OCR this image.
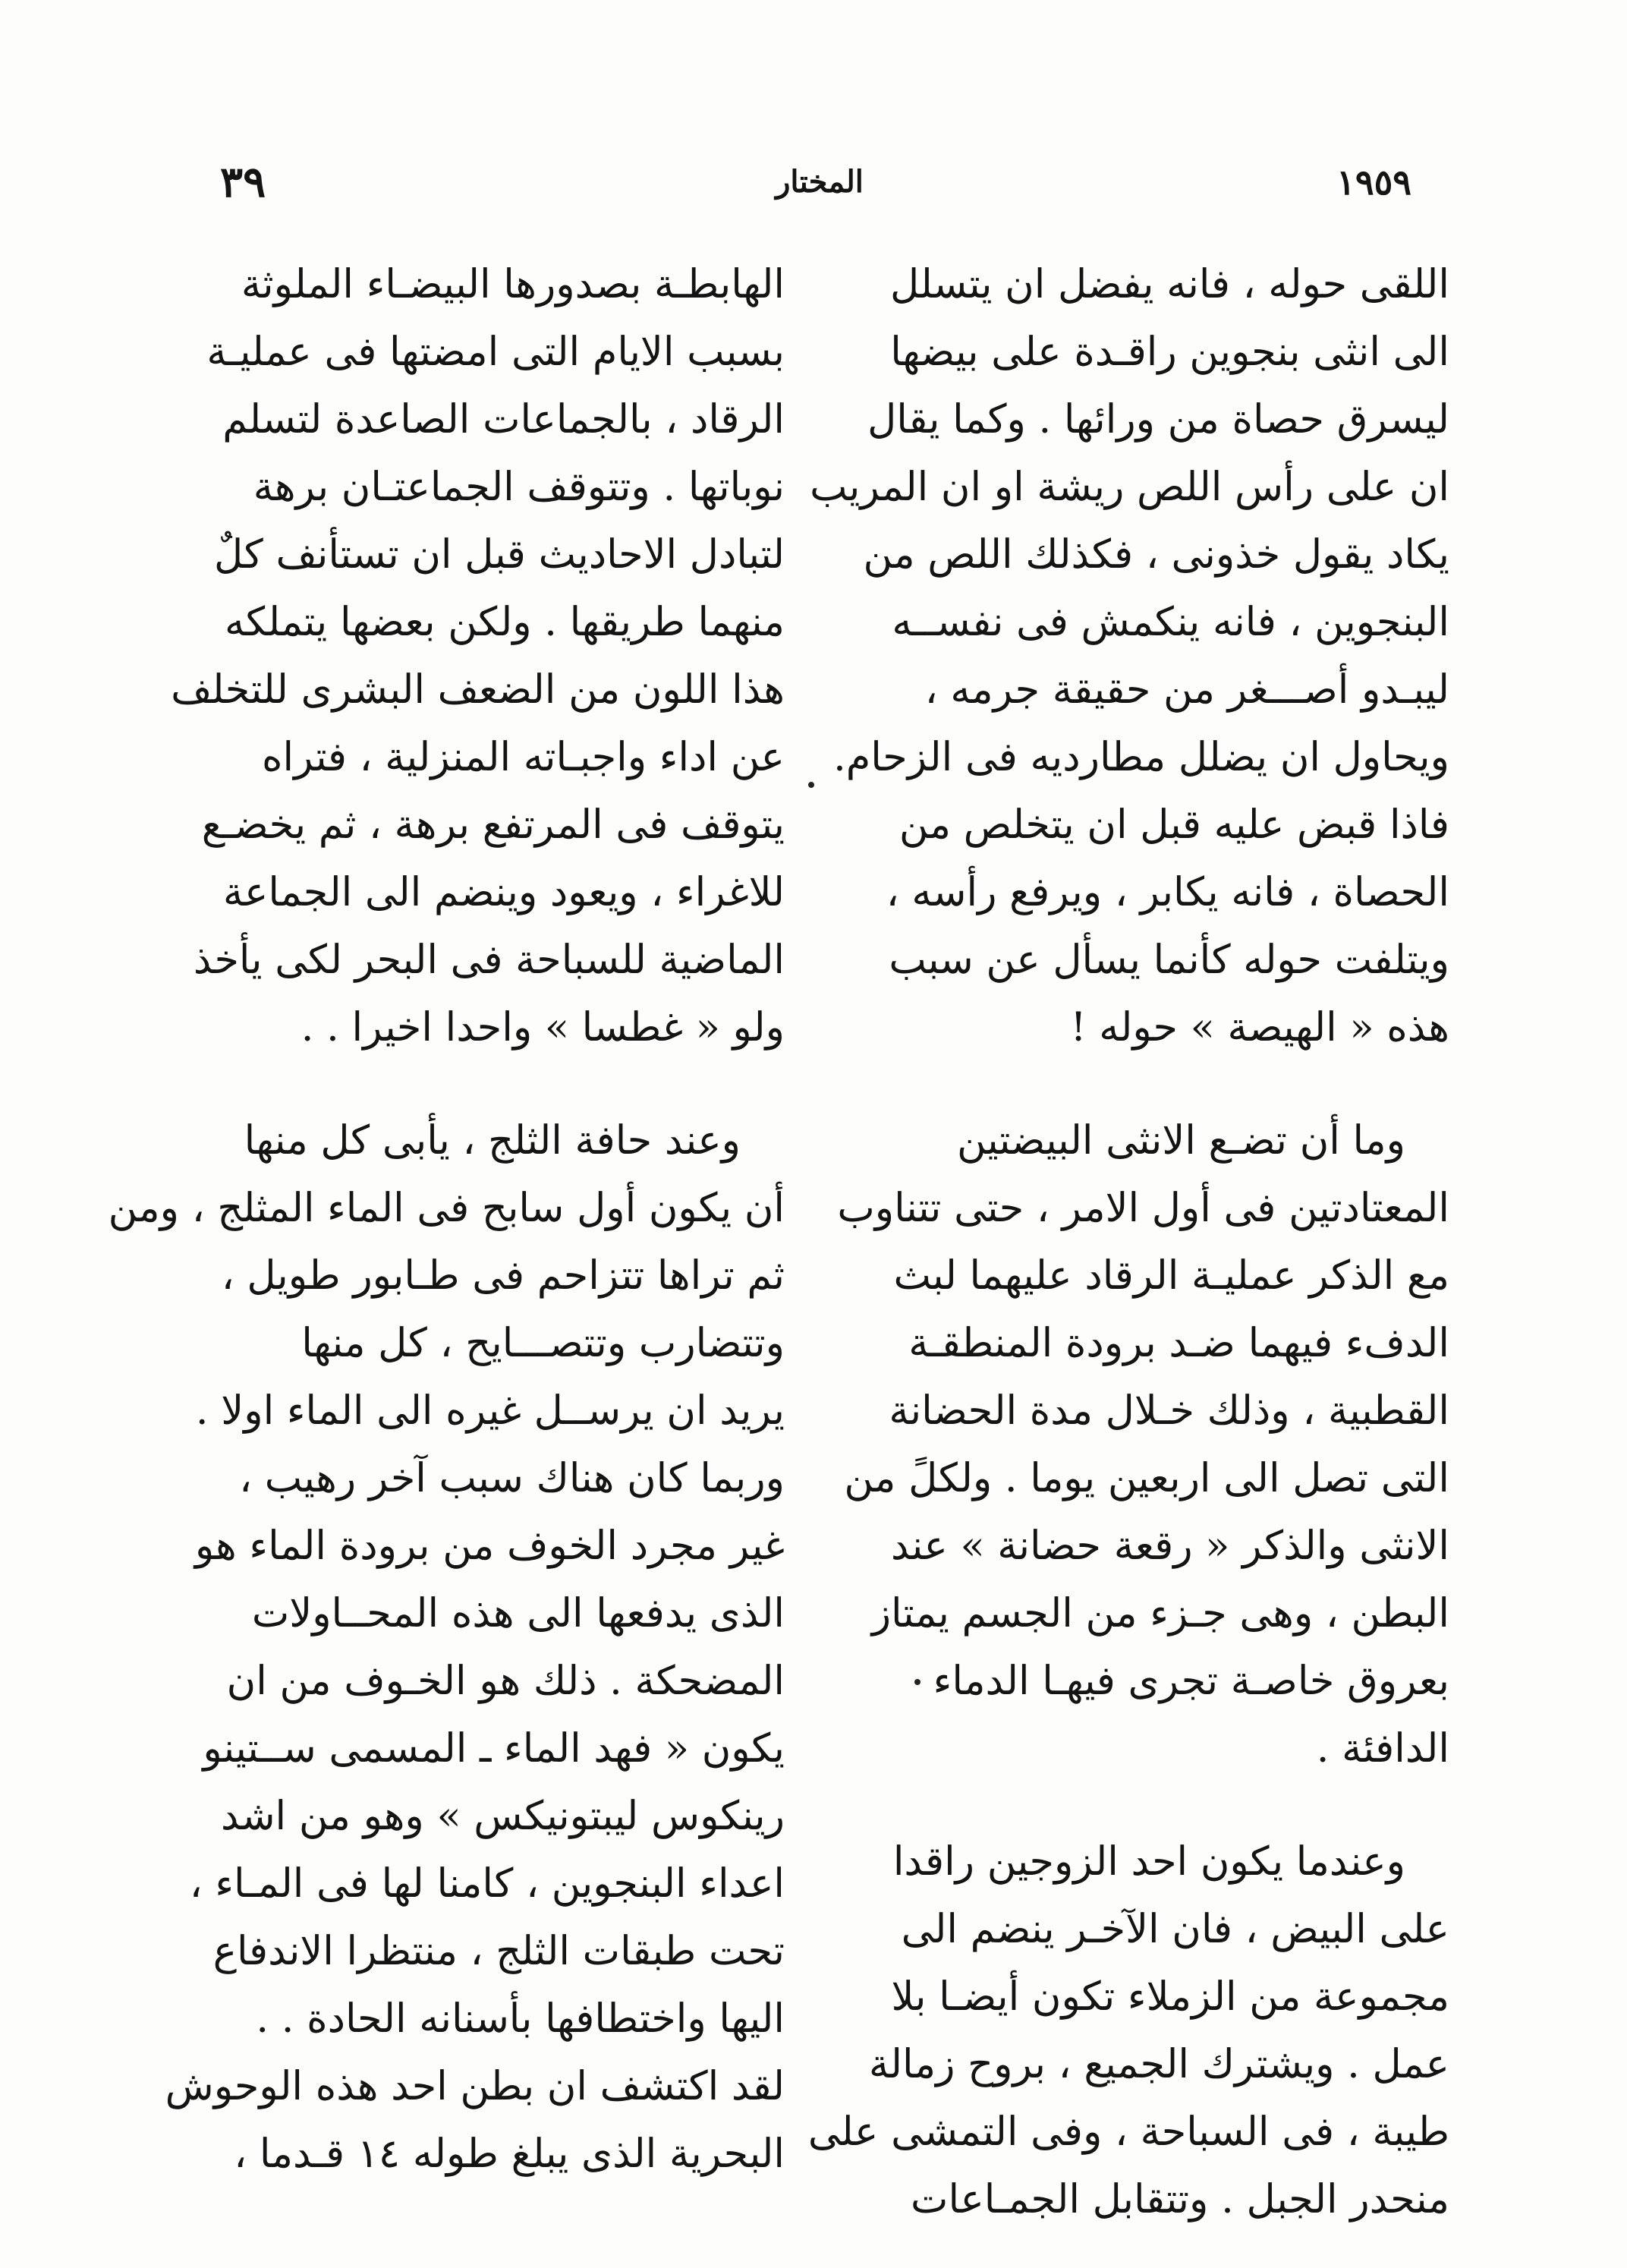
٣٩	المختار	١٩٥٩
اللقى حوله ، فانه يفضل ان يتسلل
الى انثى بنجوين راقـدة على بيضها
ليسرق حصاة من ورائها . وكما يقال
ان على رأس اللص ريشة او ان المريب
يكاد يقول خذونى ، فكذلك اللص من
البنجوين ، فانه ينكمش فى نفســه
ليبـدو أصـــغر من حقيقة جرمه ،
ويحاول ان يضلل مطارديه فى الزحام.
فاذا قبض عليه قبل ان يتخلص من
الحصاة ، فانه يكابر ، ويرفع رأسه ،
ويتلفت حوله كأنما يسأل عن سبب
هذه « الهيصة » حوله !
وما أن تضـع الانثى البيضتين
المعتادتين فى أول الامر ، حتى تتناوب
مع الذكر عمليـة الرقاد عليهما لبث
الدفء فيهما ضـد برودة المنطقـة
القطبية ، وذلك خـلال مدة الحضانة
التى تصل الى اربعين يوما . ولكلً من
الانثى والذكر « رقعة حضانة » عند
البطن ، وهى جـزء من الجسم يمتاز
بعروق خاصـة تجرى فيهـا الدماء
الدافئة .
وعندما يكون احد الزوجين راقدا
على البيض ، فان الآخـر ينضم الى
مجموعة من الزملاء تكون أيضـا بلا
عمل . ويشترك الجميع ، بروح زمالة
طيبة ، فى السباحة ، وفى التمشى على
منحدر الجبل . وتتقابل الجمـاعات
الهابطـة بصدورها البيضـاء الملوثة
بسبب الايام التى امضتها فى عمليـة
الرقاد ، بالجماعات الصاعدة لتسلم
نوباتها . وتتوقف الجماعتـان برهة
لتبادل الاحاديث قبل ان تستأنف كلٌ
منهما طريقها . ولكن بعضها يتملكه
هذا اللون من الضعف البشرى للتخلف
عن اداء واجبـاته المنزلية ، فتراه
يتوقف فى المرتفع برهة ، ثم يخضـع
للاغراء ، ويعود وينضم الى الجماعة
الماضية للسباحة فى البحر لكى يأخذ
ولو « غطسا » واحدا اخيرا . .
وعند حافة الثلج ، يأبى كل منها
أن يكون أول سابح فى الماء المثلج ، ومن
ثم تراها تتزاحم فى طـابور طويل ،
وتتضارب وتتصـــايح ، كل منها
يريد ان يرســل غيره الى الماء اولا .
وربما كان هناك سبب آخر رهيب ،
غير مجرد الخوف من برودة الماء هو
الذى يدفعها الى هذه المحــاولات
المضحكة . ذلك هو الخـوف من ان
يكون « فهد الماء ـ المسمى ســتينو
رينكوس ليبتونيكس » وهو من اشد
اعداء البنجوين ، كامنا لها فى المـاء ،
تحت طبقات الثلج ، منتظرا الاندفاع
اليها واختطافها بأسنانه الحادة . .
لقد اكتشف ان بطن احد هذه الوحوش
البحرية الذى يبلغ طوله ١٤ قـدما ،
